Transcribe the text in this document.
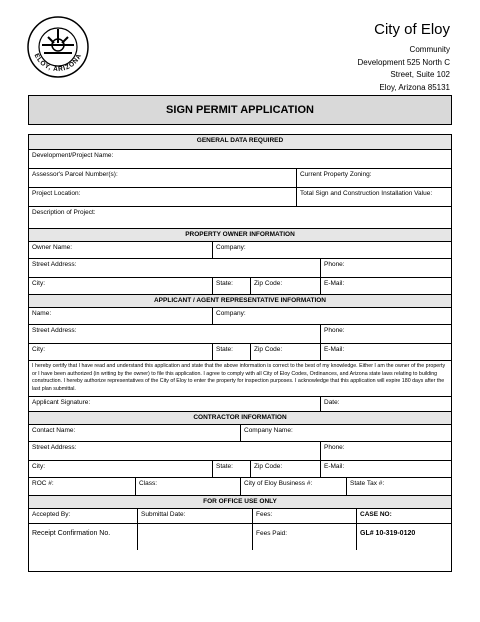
ELOY, ARIZONA
City of Eloy
Community
Development 525 North C
Street, Suite 102
Eloy, Arizona 85131
SIGN PERMIT APPLICATION
GENERAL DATA REQUIRED
Development/Project Name:
Assessor's Parcel Number(s):	Current Property Zoning:
Project Location:	Total Sign and Construction Installation Value:
Description of Project:
PROPERTY OWNER INFORMATION
Owner Name:	Company:
Street Address:	Phone:
City:	State:	Zip Code:	E-Mail:
APPLICANT / AGENT REPRESENTATIVE INFORMATION
Name:	Company:
Street Address:	Phone:
City:	State:	Zip Code:	E-Mail:
I hereby certify that I have read and understand this application and state that the above information is correct to the best of my knowledge. Either I am the owner of the property or I have been authorized (in writing by the owner) to file this application. I agree to comply with all City of Eloy Codes, Ordinances, and Arizona state laws relating to building construction. I hereby authorize representatives of the City of Eloy to enter the property for inspection purposes. I acknowledge that this application will expire 180 days after the last plan submittal.
Applicant Signature:	Date:
CONTRACTOR INFORMATION
Contact Name:	Company Name:
Street Address:	Phone:
City:	State:	Zip Code:	E-Mail:
ROC #:	Class:	City of Eloy Business #:	State Tax #:
FOR OFFICE USE ONLY
Accepted By:	Submittal Date:	Fees:	CASE NO:
Receipt Confirmation No.	Fees Paid:	GL# 10-319-0120
